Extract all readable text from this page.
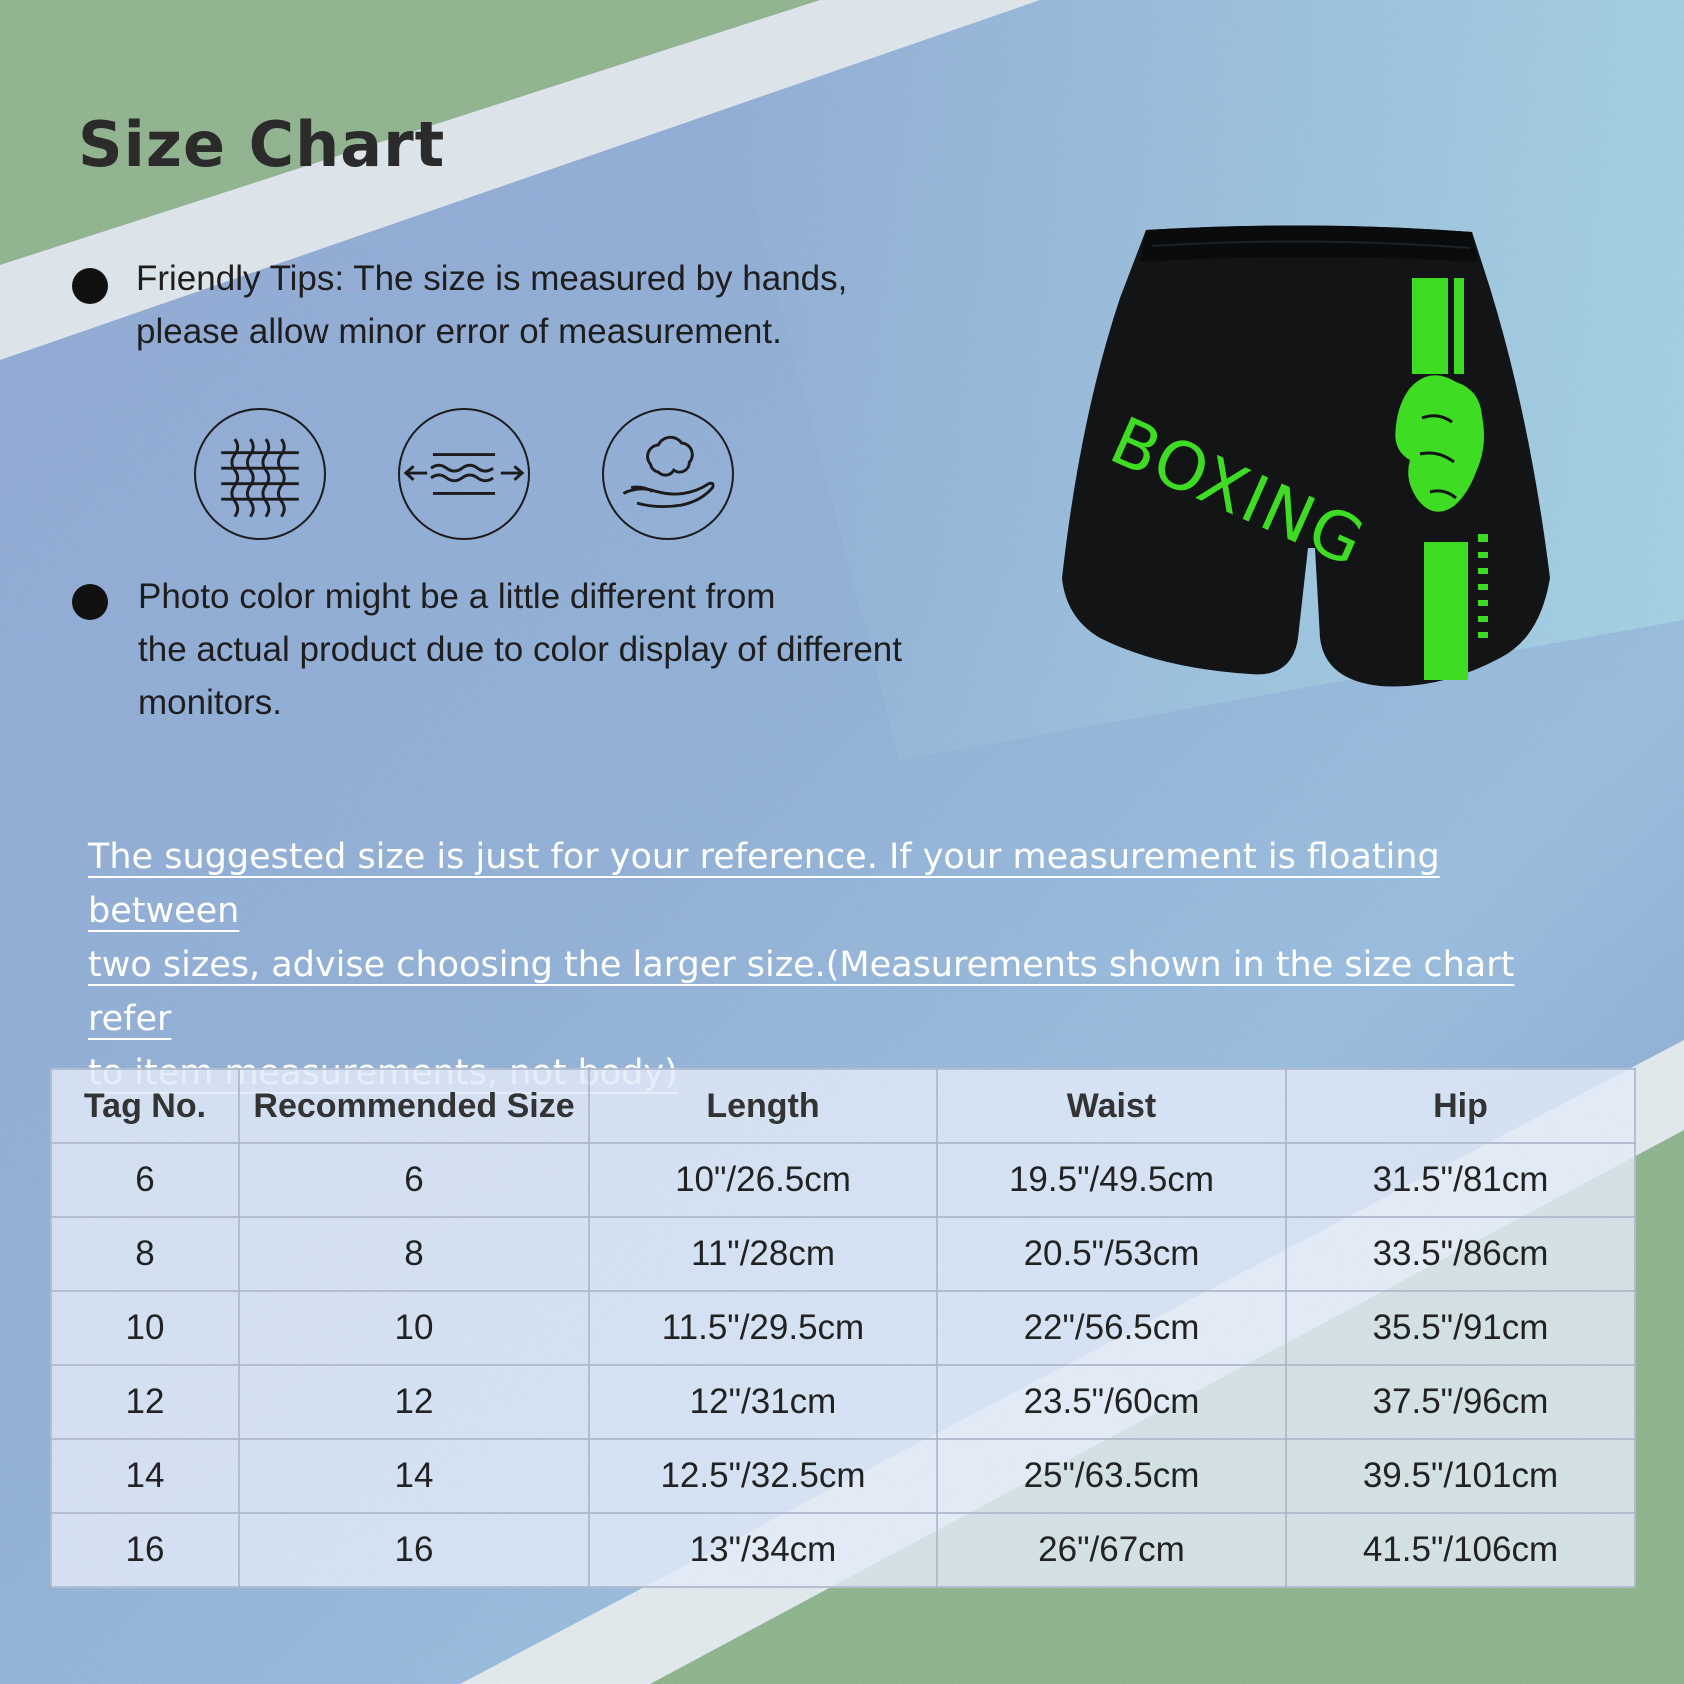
Size Chart
Friendly Tips: The size is measured by hands,
please allow minor error of measurement.
Photo color might be a little different from
the actual product due to color display of different
monitors.
BOXING
The suggested size is just for your reference. If your measurement is floating between
two sizes, advise choosing the larger size.(Measurements shown in the size chart refer
Tag No.	Recommended Size	Length	Waist	Hip
6	6	10"/26.5cm	19.5"/49.5cm	31.5"/81cm
8	8	11"/28cm	20.5"/53cm	33.5"/86cm
10	10	11.5"/29.5cm	22"/56.5cm	35.5"/91cm
12	12	12"/31cm	23.5"/60cm	37.5"/96cm
14	14	12.5"/32.5cm	25"/63.5cm	39.5"/101cm
16	16	13"/34cm	26"/67cm	41.5"/106cm
